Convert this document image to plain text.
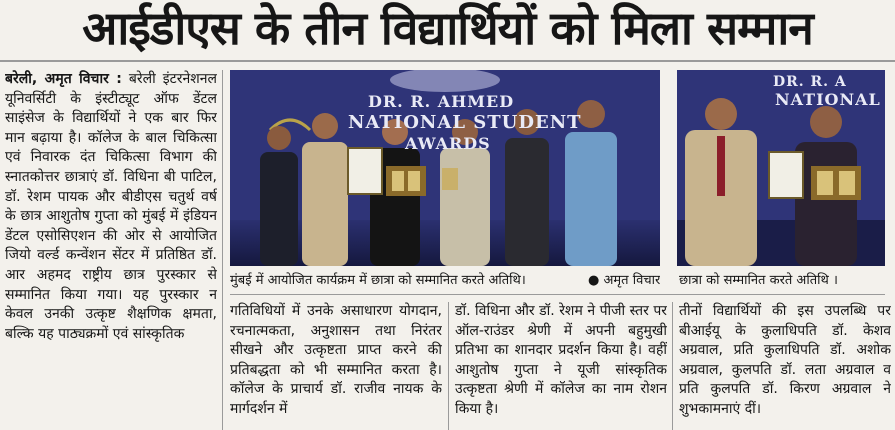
आईडीएस के तीन विद्यार्थियों को मिला सम्मान
बरेली, अमृत विचार : बरेली इंटरनेशनल यूनिवर्सिटी के इंस्टीट्यूट ऑफ डेंटल साइंसेज के विद्यार्थियों ने एक बार फिर मान बढ़ाया है। कॉलेज के बाल चिकित्सा एवं निवारक दंत चिकित्सा विभाग की स्नातकोत्तर छात्राएं डॉ. विधिना बी पाटिल, डॉ. रेशम पायक और बीडीएस चतुर्थ वर्ष के छात्र आशुतोष गुप्ता को मुंबई में इंडियन डेंटल एसोसिएशन की ओर से आयोजित जियो वर्ल्ड कन्वेंशन सेंटर में प्रतिष्ठित डॉ. आर अहमद राष्ट्रीय छात्र पुरस्कार से सम्मानित किया गया। यह पुरस्कार न केवल उनकी उत्कृष्ट शैक्षणिक क्षमता, बल्कि यह पाठ्यक्रमों एवं सांस्कृतिक
DR. R. AHMED
NATIONAL STUDENT
AWARDS
DR. R. A
NATIONAL
मुंबई में आयोजित कार्यक्रम में छात्रा को सम्मानित करते अतिथि।	● अमृत विचार छात्रा को सम्मानित करते अतिथि ।
गतिविधियों में उनके असाधारण योगदान, रचनात्मकता, अनुशासन तथा निरंतर सीखने और उत्कृष्टता प्राप्त करने की प्रतिबद्धता को भी सम्मानित करता है। कॉलेज के प्राचार्य डॉ. राजीव नायक के मार्गदर्शन में
डॉ. विधिना और डॉ. रेशम ने पीजी स्तर पर ऑल-राउंडर श्रेणी में अपनी बहुमुखी प्रतिभा का शानदार प्रदर्शन किया है। वहीं आशुतोष गुप्ता ने यूजी सांस्कृतिक उत्कृष्टता श्रेणी में कॉलेज का नाम रोशन किया है।
तीनों विद्यार्थियों की इस उपलब्धि पर बीआईयू के कुलाधिपति डॉ. केशव अग्रवाल, प्रति कुलाधिपति डॉ. अशोक अग्रवाल, कुलपति डॉ. लता अग्रवाल व प्रति कुलपति डॉ. किरण अग्रवाल ने शुभकामनाएं दीं।
